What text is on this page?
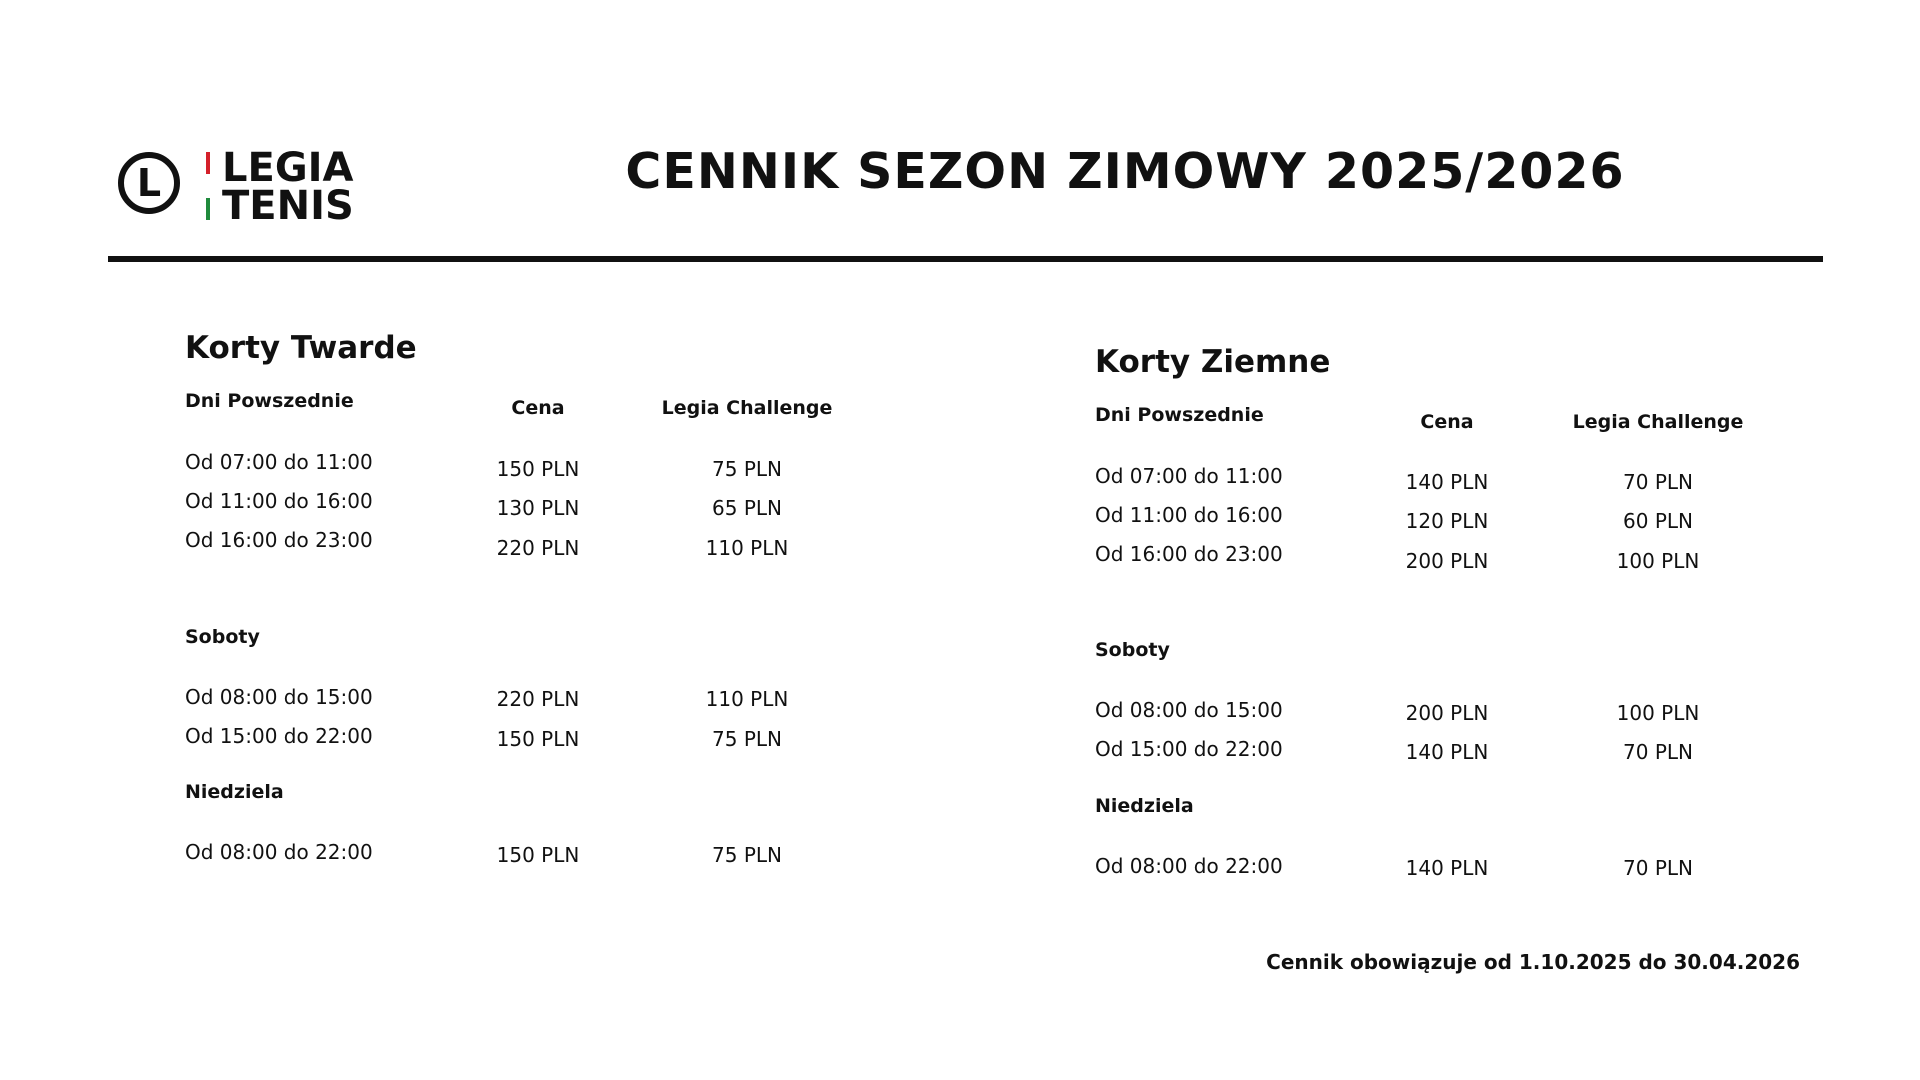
L	LEGIA
TENIS
CENNIK SEZON ZIMOWY 2025/2026
Korty Twarde
Dni Powszednie	Cena	Legia Challenge
Od 07:00 do 11:00	150 PLN	75 PLN
Od 11:00 do 16:00	130 PLN	65 PLN
Od 16:00 do 23:00	220 PLN	110 PLN
Soboty
Od 08:00 do 15:00	220 PLN	110 PLN
Od 15:00 do 22:00	150 PLN	75 PLN
Niedziela
Od 08:00 do 22:00	150 PLN	75 PLN
Korty Ziemne
Dni Powszednie	Cena	Legia Challenge
Od 07:00 do 11:00	140 PLN	70 PLN
Od 11:00 do 16:00	120 PLN	60 PLN
Od 16:00 do 23:00	200 PLN	100 PLN
Soboty
Od 08:00 do 15:00	200 PLN	100 PLN
Od 15:00 do 22:00	140 PLN	70 PLN
Niedziela
Od 08:00 do 22:00	140 PLN	70 PLN
Cennik obowiązuje od 1.10.2025 do 30.04.2026
